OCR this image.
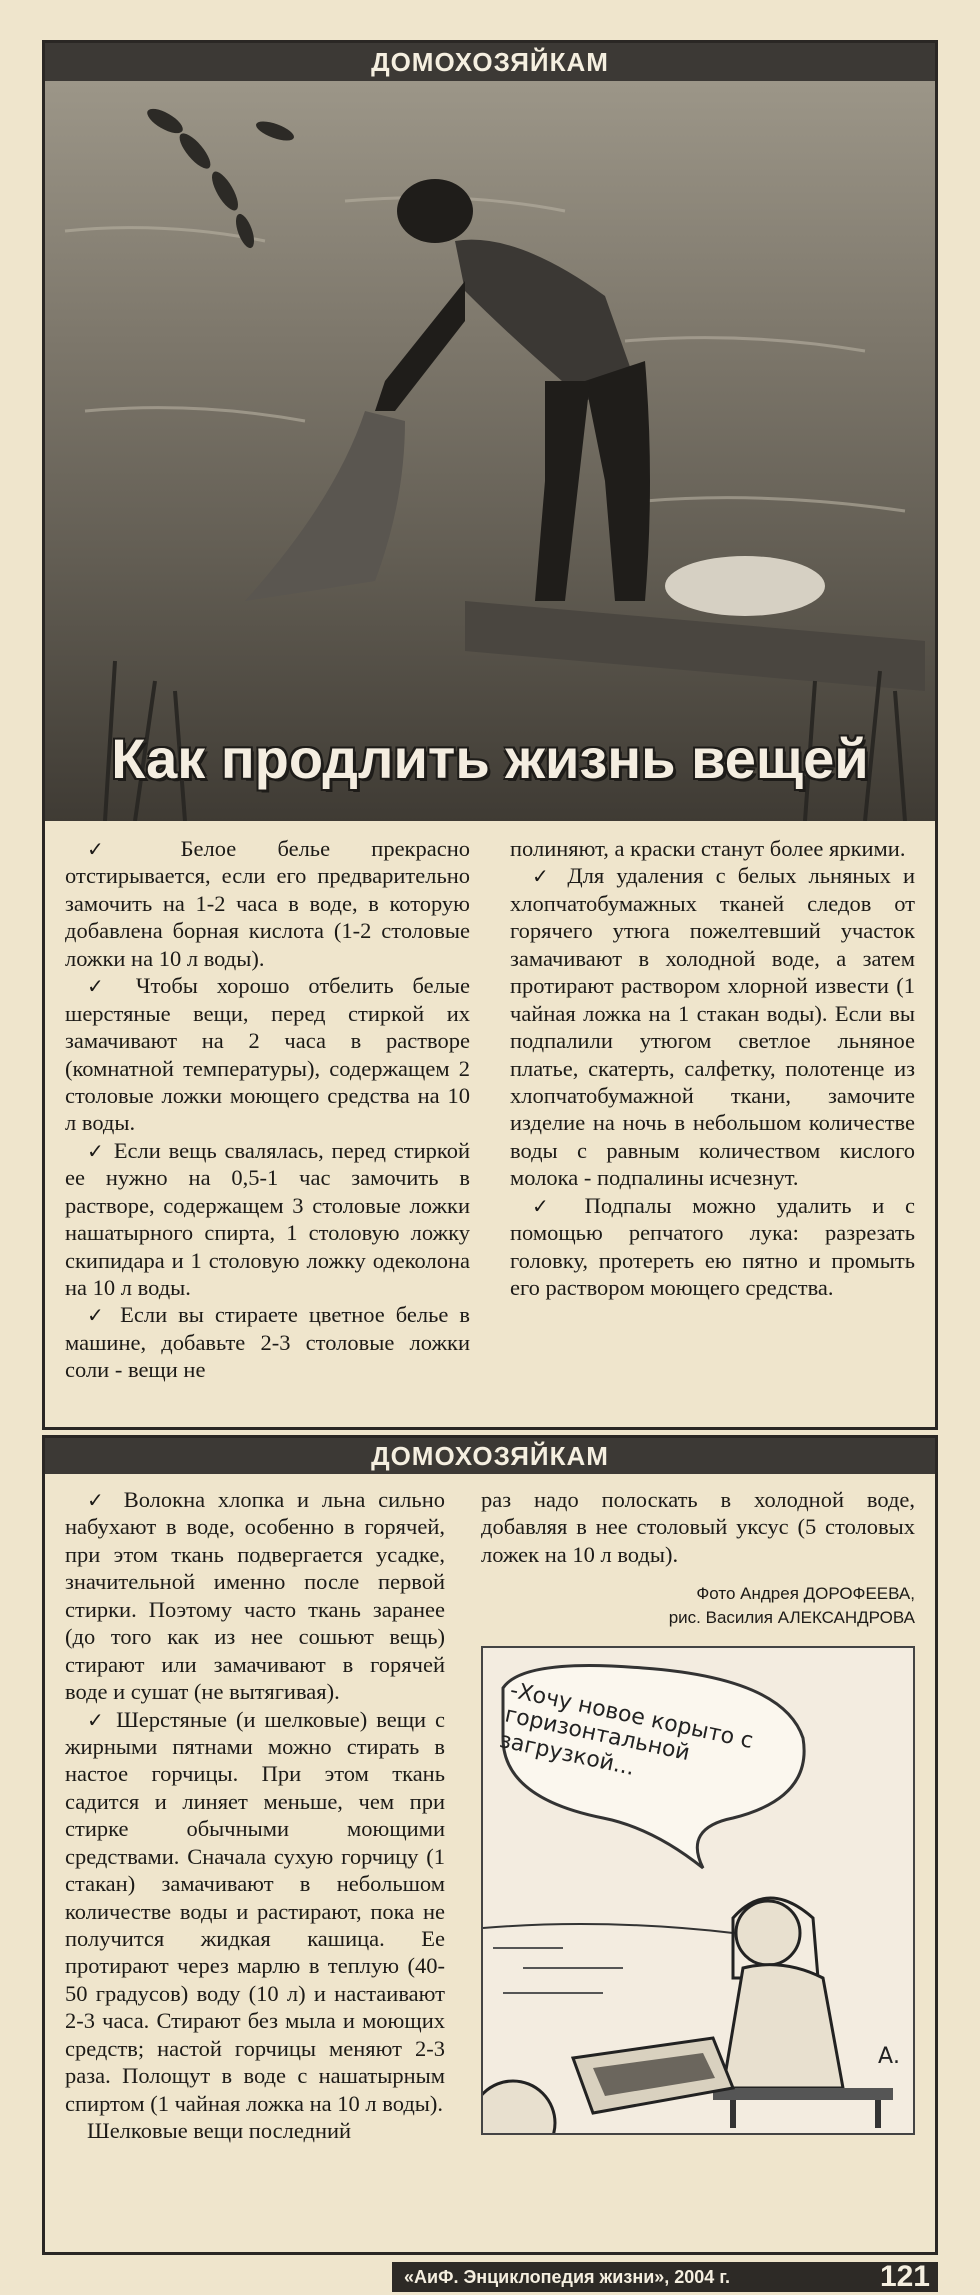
ДОМОХОЗЯЙКАМ
Как продлить жизнь вещей

✓ Белое белье прекрасно отстирывается, если его предварительно замочить на 1-2 часа в воде, в которую добавлена борная кислота (1-2 столовые ложки на 10 л воды).

✓ Чтобы хорошо отбелить белые шерстяные вещи, перед стиркой их замачивают на 2 часа в растворе (комнатной температуры), содержащем 2 столовые ложки моющего средства на 10 л воды.

✓ Если вещь свалялась, перед стиркой ее нужно на 0,5-1 час замочить в растворе, содержащем 3 столовые ложки нашатырного спирта, 1 столовую ложку скипидара и 1 столовую ложку одеколона на 10 л воды.

✓ Если вы стираете цветное белье в машине, добавьте 2-3 столовые ложки соли - вещи не

полиняют, а краски станут более яркими.

✓ Для удаления с белых льняных и хлопчатобумажных тканей следов от горячего утюга пожелтевший участок замачивают в холодной воде, а затем протирают раствором хлорной извести (1 чайная ложка на 1 стакан воды). Если вы подпалили утюгом светлое льняное платье, скатерть, салфетку, полотенце из хлопчатобумажной ткани, замочите изделие на ночь в небольшом количестве воды с равным количеством кислого молока - подпалины исчезнут.

✓ Подпалы можно удалить и с помощью репчатого лука: разрезать головку, протереть ею пятно и промыть его раствором моющего средства.

ДОМОХОЗЯЙКАМ

✓ Волокна хлопка и льна сильно набухают в воде, особенно в горячей, при этом ткань подвергается усадке, значительной именно после первой стирки. Поэтому часто ткань заранее (до того как из нее сошьют вещь) стирают или замачивают в горячей воде и сушат (не вытягивая).

✓ Шерстяные (и шелковые) вещи с жирными пятнами можно стирать в настое горчицы. При этом ткань садится и линяет меньше, чем при стирке обычными моющими средствами. Сначала сухую горчицу (1 стакан) замачивают в небольшом количестве воды и растирают, пока не получится жидкая кашица. Ее протирают через марлю в теплую (40-50 градусов) воду (10 л) и настаивают 2-3 часа. Стирают без мыла и моющих средств; настой горчицы меняют 2-3 раза. Полощут в воде с нашатырным спиртом (1 чайная ложка на 10 л воды).

Шелковые вещи последний

раз надо полоскать в холодной воде, добавляя в нее столовый уксус (5 столовых ложек на 10 л воды).

Фото Андрея ДОРОФЕЕВА,
рис. Василия АЛЕКСАНДРОВА
А.
-Хочу новое корыто с горизонтальной загрузкой...
«АиФ. Энциклопедия жизни», 2004 г.	121
